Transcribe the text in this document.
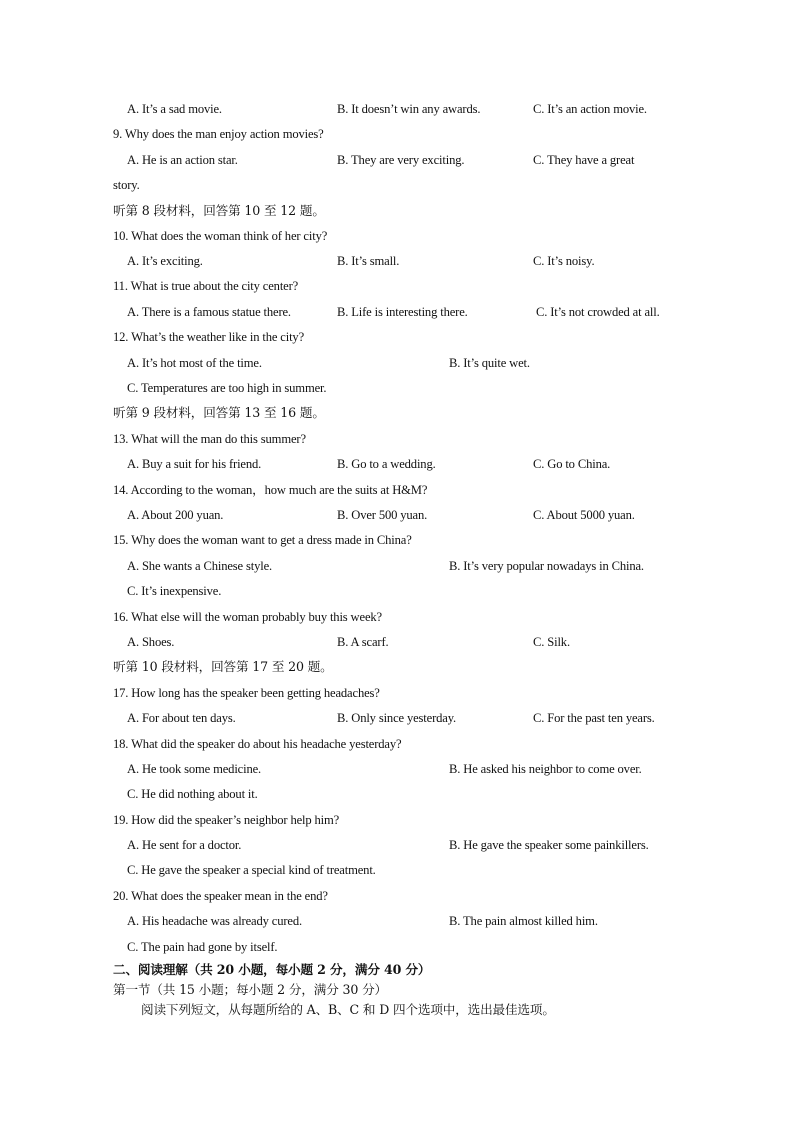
A. It’s a sad movie.	B. It doesn’t win any awards.	C. It’s an action movie.
9. Why does the man enjoy action movies?
A. He is an action star.	B. They are very exciting.	C. They have a great
story.
听第 8 段材料，回答第 10 至 12 题。
10. What does the woman think of her city?
A. It’s exciting.	B. It’s small.	C. It’s noisy.
11. What is true about the city center?
A. There is a famous statue there.	B. Life is interesting there.	C. It’s not crowded at all.
12. What’s the weather like in the city?
A. It’s hot most of the time.	B. It’s quite wet.
C. Temperatures are too high in summer.
听第 9 段材料，回答第 13 至 16 题。
13. What will the man do this summer?
A. Buy a suit for his friend.	B. Go to a wedding.	C. Go to China.
14. According to the woman，how much are the suits at H&M?
A. About 200 yuan.	B. Over 500 yuan.	C. About 5000 yuan.
15. Why does the woman want to get a dress made in China?
A. She wants a Chinese style.	B. It’s very popular nowadays in China.
C. It’s inexpensive.
16. What else will the woman probably buy this week?
A. Shoes.	B. A scarf.	C. Silk.
听第 10 段材料，回答第 17 至 20 题。
17. How long has the speaker been getting headaches?
A. For about ten days.	B. Only since yesterday.	C. For the past ten years.
18. What did the speaker do about his headache yesterday?
A. He took some medicine.	B. He asked his neighbor to come over.
C. He did nothing about it.
19. How did the speaker’s neighbor help him?
A. He sent for a doctor.	B. He gave the speaker some painkillers.
C. He gave the speaker a special kind of treatment.
20. What does the speaker mean in the end?
A. His headache was already cured.	B. The pain almost killed him.
C. The pain had gone by itself.
二、阅读理解（共 20 小题，每小题 2 分，满分 40 分）
第一节（共 15 小题；每小题 2 分，满分 30 分）
阅读下列短文，从每题所给的 A、B、C 和 D 四个选项中，选出最佳选项。
